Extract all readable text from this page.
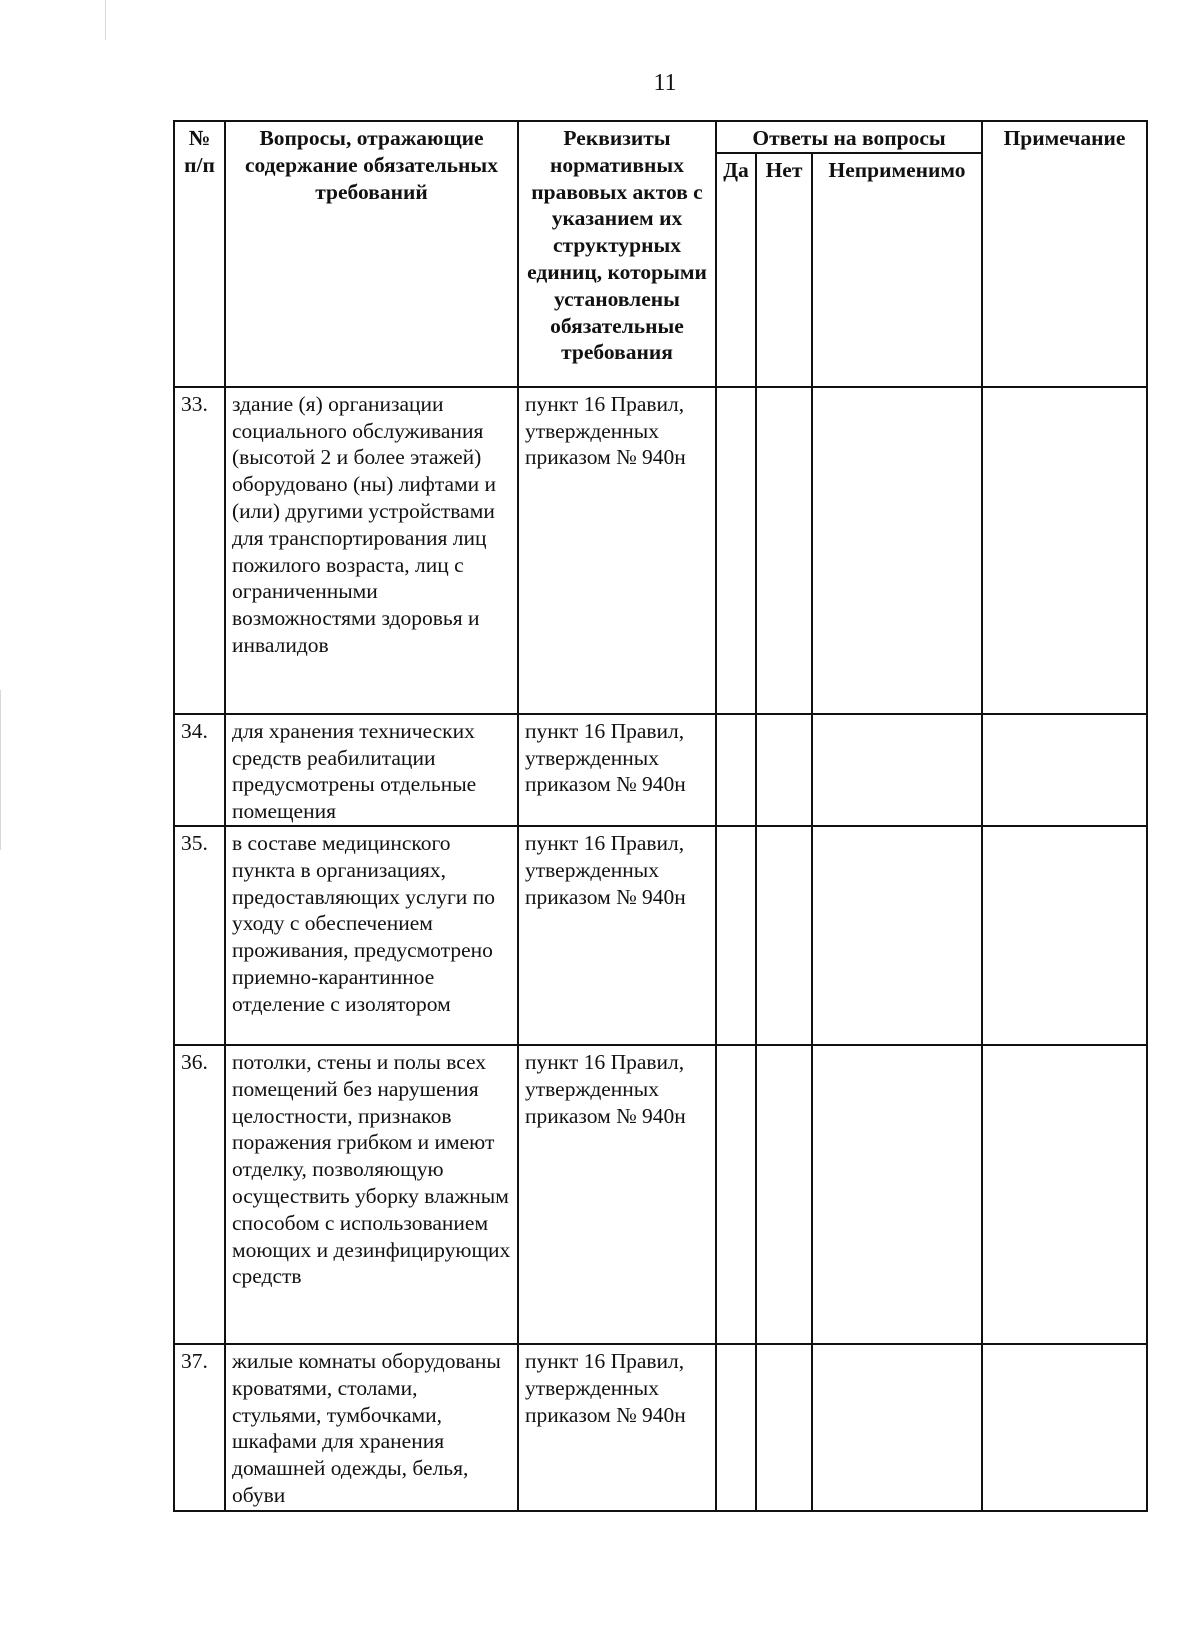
11
№ п/п	Вопросы, отражающие содержание обязательных требований	Реквизиты нормативных правовых актов с указанием их структурных единиц, которыми установлены обязательные требования	Ответы на вопросы			Примечание
			Да	Нет	Неприменимо	
33.	здание (я) организации социального обслуживания (высотой 2 и более этажей) оборудовано (ны) лифтами и (или) другими устройствами для транспортирования лиц пожилого возраста, лиц с ограниченными возможностями здоровья и инвалидов	пункт 16 Правил, утвержденных приказом № 940н				
34.	для хранения технических средств реабилитации предусмотрены отдельные помещения	пункт 16 Правил, утвержденных приказом № 940н				
35.	в составе медицинского пункта в организациях, предоставляющих услуги по уходу с обеспечением проживания, предусмотрено приемно-карантинное отделение с изолятором	пункт 16 Правил, утвержденных приказом № 940н				
36.	потолки, стены и полы всех помещений без нарушения целостности, признаков поражения грибком и имеют отделку, позволяющую осуществить уборку влажным способом с использованием моющих и дезинфицирующих средств	пункт 16 Правил, утвержденных приказом № 940н				
37.	жилые комнаты оборудованы кроватями, столами, стульями, тумбочками, шкафами для хранения домашней одежды, белья, обуви	пункт 16 Правил, утвержденных приказом № 940н				
